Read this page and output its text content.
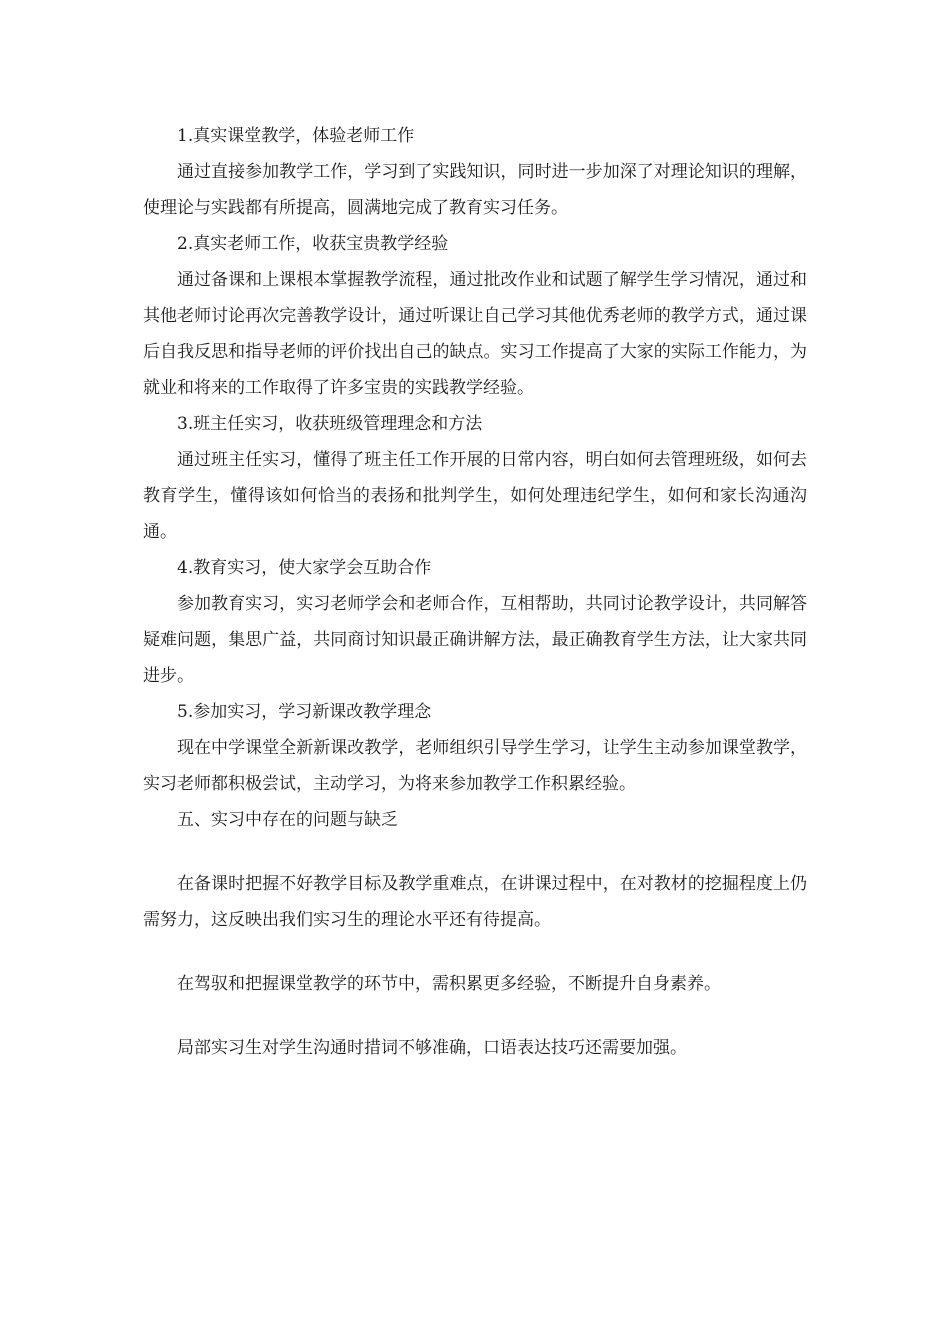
1.真实课堂教学，体验老师工作

通过直接参加教学工作，学习到了实践知识，同时进一步加深了对理论知识的理解，使理论与实践都有所提高，圆满地完成了教育实习任务。

2.真实老师工作，收获宝贵教学经验

通过备课和上课根本掌握教学流程，通过批改作业和试题了解学生学习情况，通过和其他老师讨论再次完善教学设计，通过听课让自己学习其他优秀老师的教学方式，通过课后自我反思和指导老师的评价找出自己的缺点。实习工作提高了大家的实际工作能力，为就业和将来的工作取得了许多宝贵的实践教学经验。

3.班主任实习，收获班级管理理念和方法

通过班主任实习，懂得了班主任工作开展的日常内容，明白如何去管理班级，如何去教育学生，懂得该如何恰当的表扬和批判学生，如何处理违纪学生，如何和家长沟通沟通。

4.教育实习，使大家学会互助合作

参加教育实习，实习老师学会和老师合作，互相帮助，共同讨论教学设计，共同解答疑难问题，集思广益，共同商讨知识最正确讲解方法，最正确教育学生方法，让大家共同进步。

5.参加实习，学习新课改教学理念

现在中学课堂全新新课改教学，老师组织引导学生学习，让学生主动参加课堂教学，实习老师都积极尝试，主动学习，为将来参加教学工作积累经验。

五、实习中存在的问题与缺乏

在备课时把握不好教学目标及教学重难点，在讲课过程中，在对教材的挖掘程度上仍需努力，这反映出我们实习生的理论水平还有待提高。

在驾驭和把握课堂教学的环节中，需积累更多经验，不断提升自身素养。

局部实习生对学生沟通时措词不够准确，口语表达技巧还需要加强。
